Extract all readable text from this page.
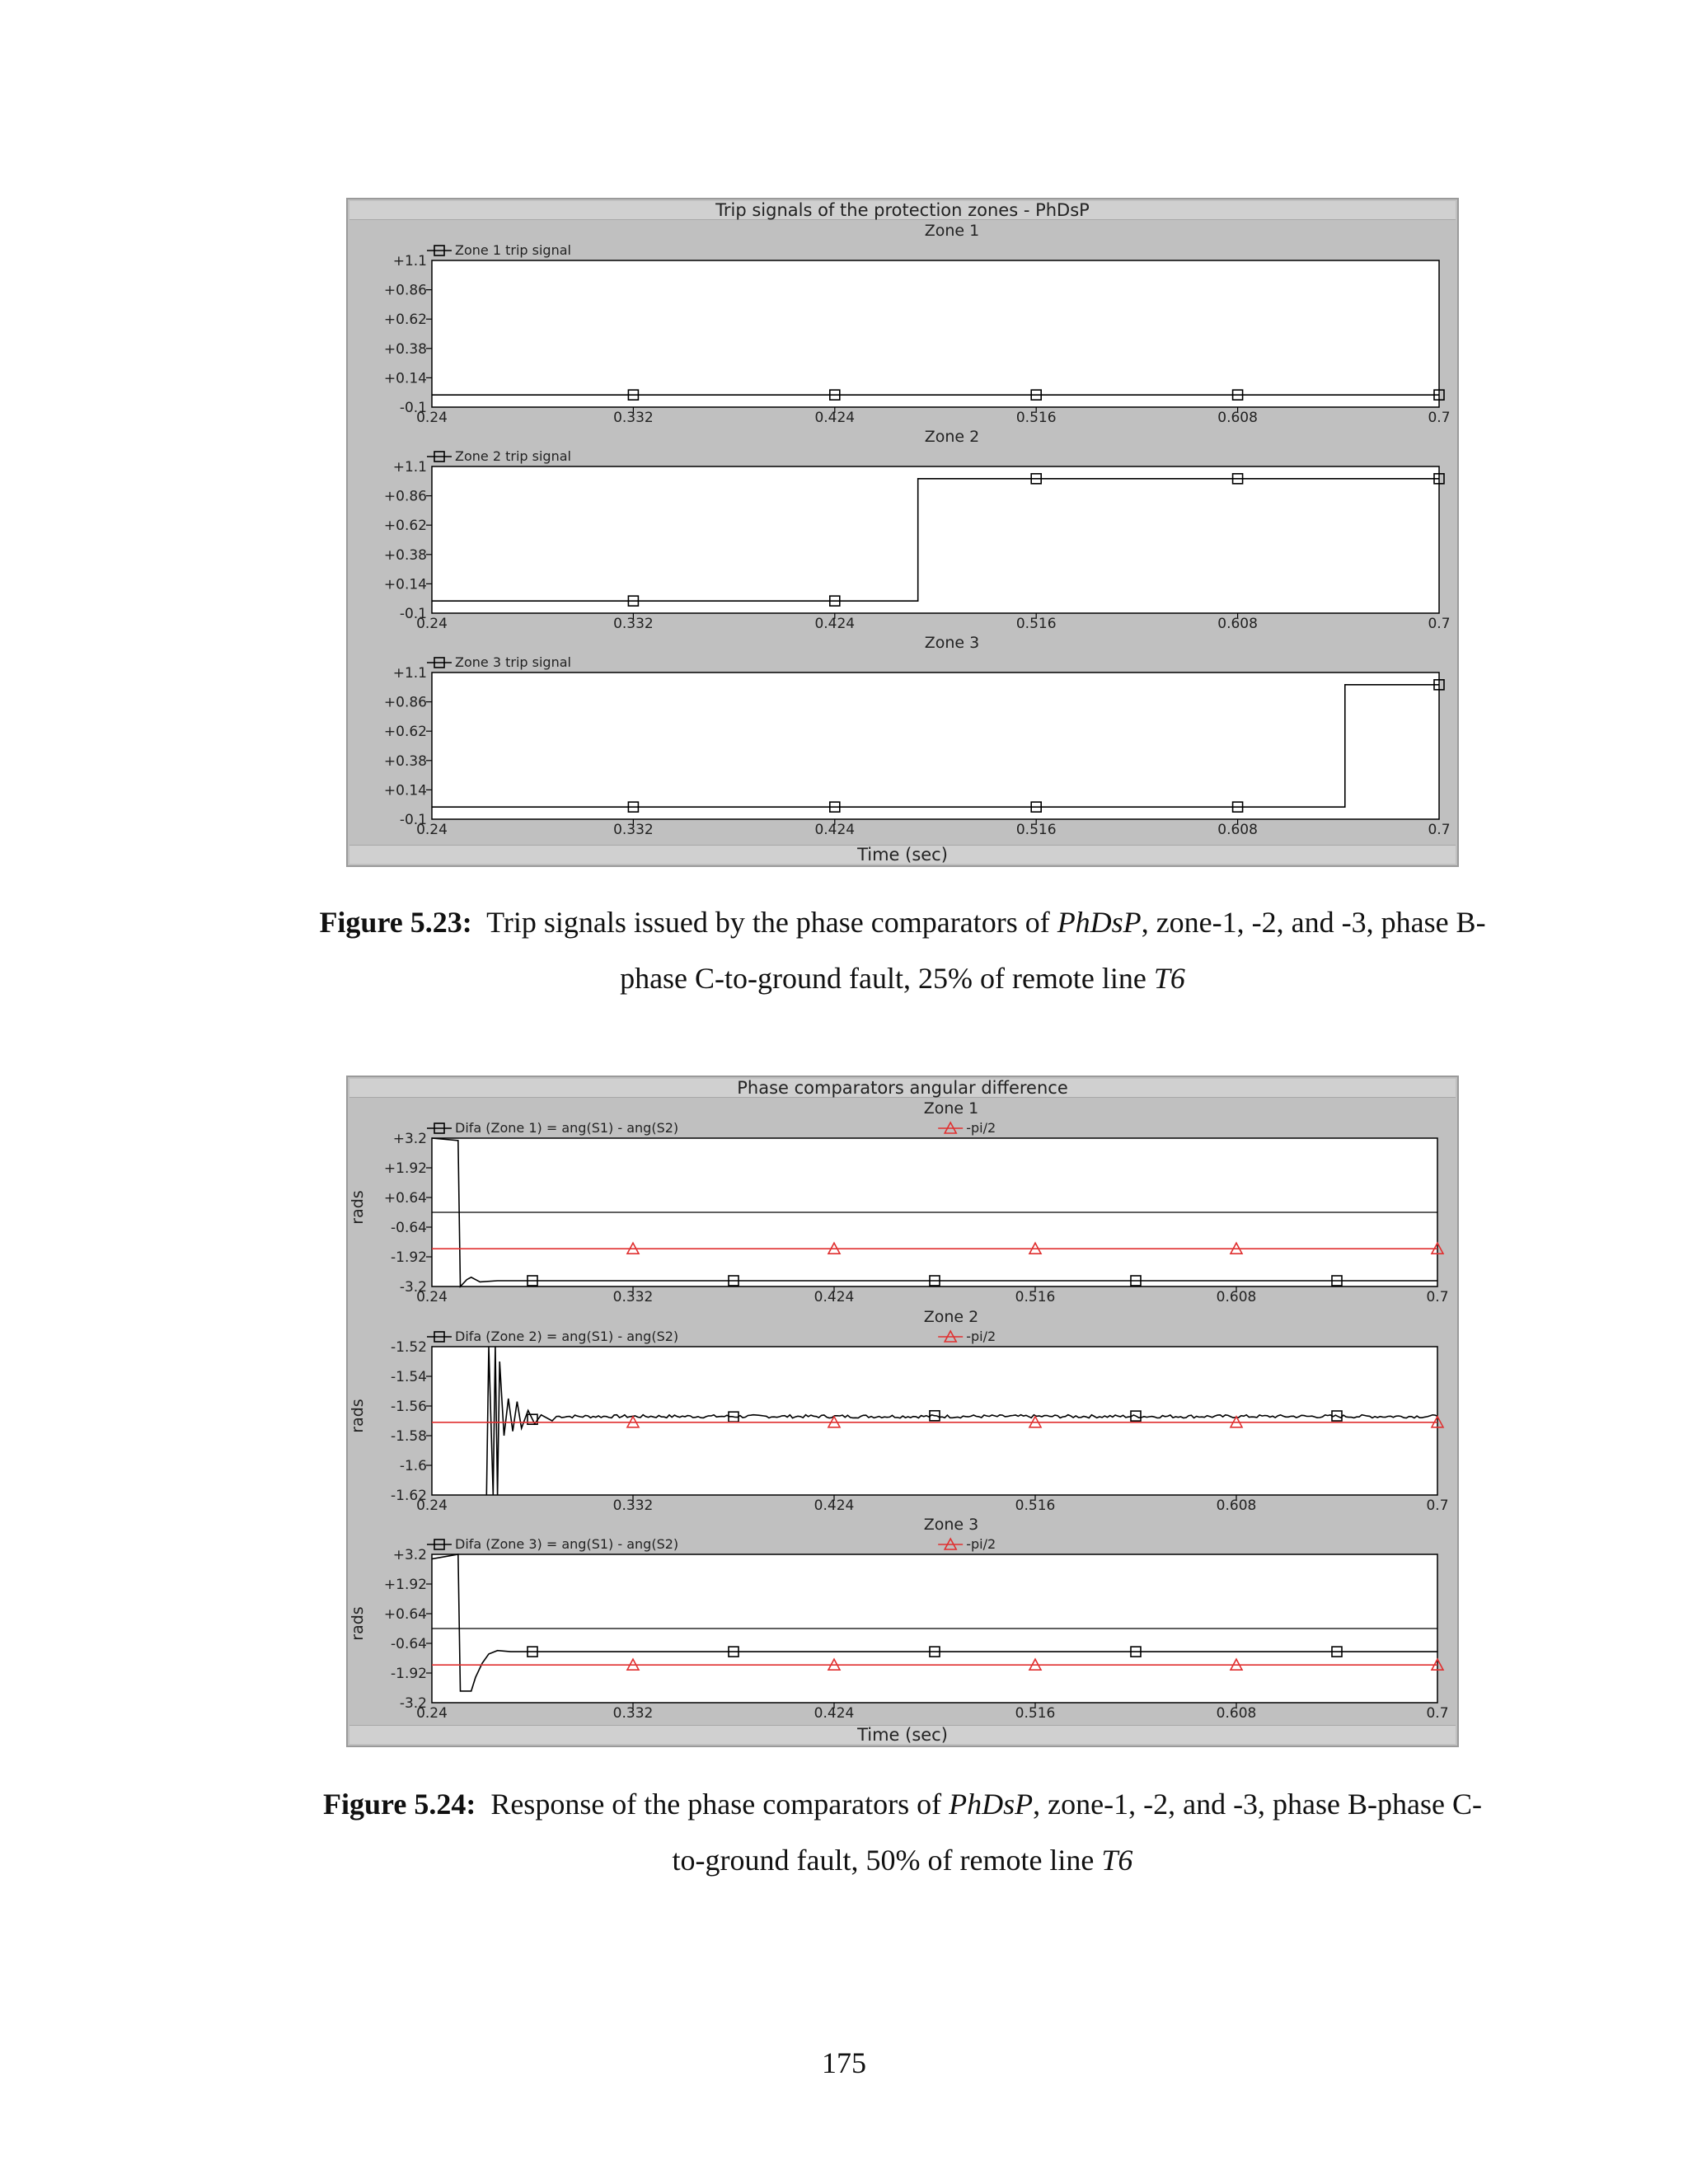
Trip signals of the protection zones - PhDsP
Zone 1
+1.1
+0.86
+0.62
+0.38
+0.14
-0.1
0.24	0.332	0.424	0.516	0.608	0.7
Zone 1 trip signal
Zone 2
+1.1
+0.86
+0.62
+0.38
+0.14
-0.1
0.24	0.332	0.424	0.516	0.608	0.7
Zone 2 trip signal
Zone 3
+1.1
+0.86
+0.62
+0.38
+0.14
-0.1
0.24	0.332	0.424	0.516	0.608	0.7
Zone 3 trip signal
Time (sec)
Figure 5.23: Trip signals issued by the phase comparators of PhDsP, zone-1, -2, and -3, phase B-phase C-to-ground fault, 25% of remote line T6
Phase comparators angular difference
Zone 1
+3.2
+1.92
+0.64
-0.64
-1.92
-3.2
0.24	0.332	0.424	0.516	0.608	0.7
rads
Difa (Zone 1) = ang(S1) - ang(S2)	-pi/2
Zone 2
-1.52
-1.54
-1.56
-1.58
-1.6
-1.62
0.24	0.332	0.424	0.516	0.608	0.7
rads
Difa (Zone 2) = ang(S1) - ang(S2)	-pi/2
Zone 3
+3.2
+1.92
+0.64
-0.64
-1.92
-3.2
0.24	0.332	0.424	0.516	0.608	0.7
rads
Difa (Zone 3) = ang(S1) - ang(S2)	-pi/2
Time (sec)
Figure 5.24: Response of the phase comparators of PhDsP, zone-1, -2, and -3, phase B-phase C-to-ground fault, 50% of remote line T6
175
